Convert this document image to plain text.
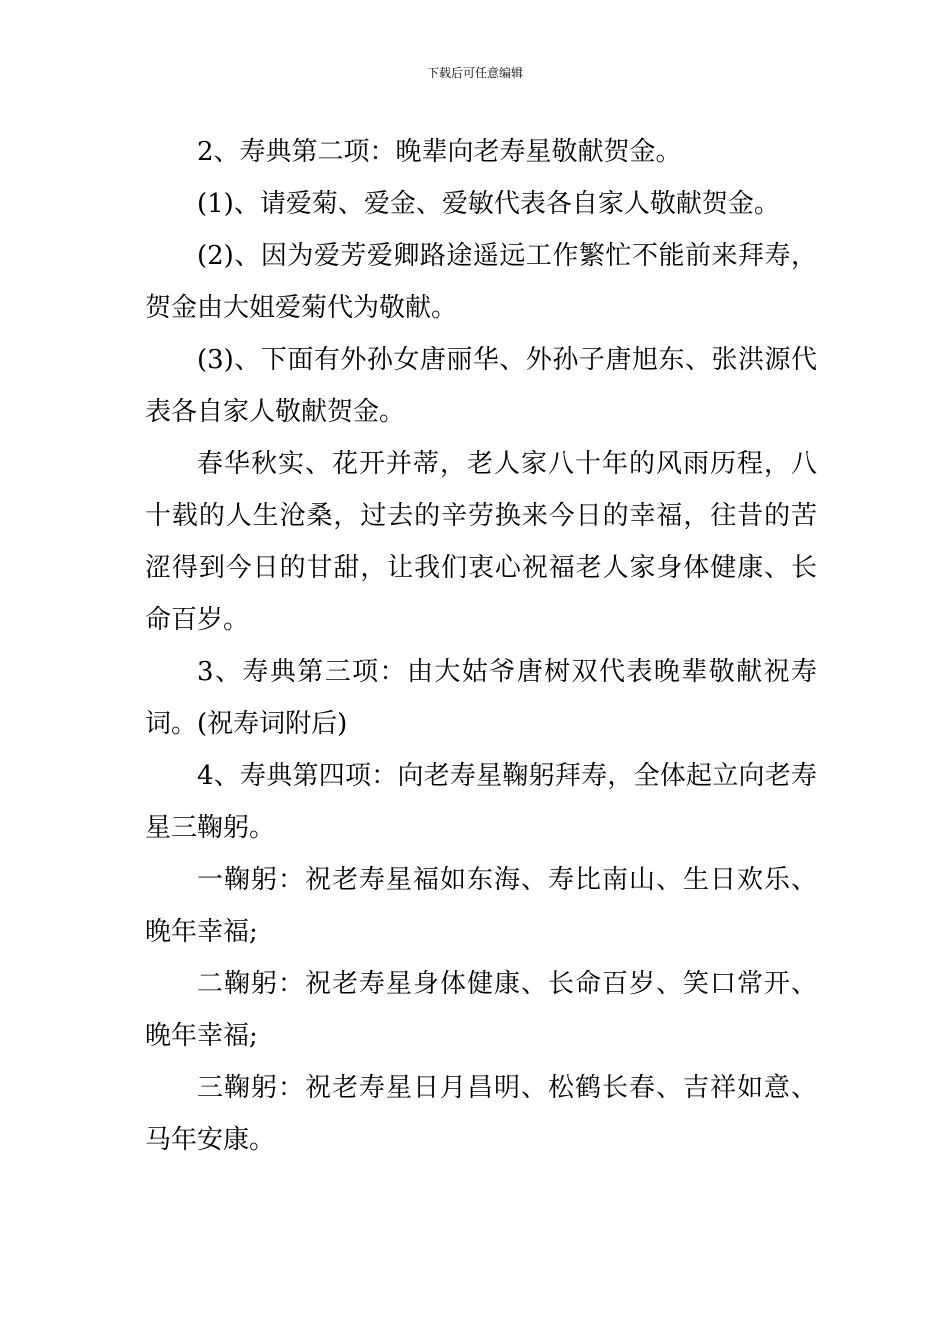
下载后可任意编辑

2、寿典第二项：晚辈向老寿星敬献贺金。

(1)、请爱菊、爱金、爱敏代表各自家人敬献贺金。

(2)、因为爱芳爱卿路途遥远工作繁忙不能前来拜寿，贺金由大姐爱菊代为敬献。

(3)、下面有外孙女唐丽华、外孙子唐旭东、张洪源代表各自家人敬献贺金。

春华秋实、花开并蒂，老人家八十年的风雨历程，八十载的人生沧桑，过去的辛劳换来今日的幸福，往昔的苦涩得到今日的甘甜，让我们衷心祝福老人家身体健康、长命百岁。

3、寿典第三项：由大姑爷唐树双代表晚辈敬献祝寿词。(祝寿词附后)

4、寿典第四项：向老寿星鞠躬拜寿，全体起立向老寿星三鞠躬。

一鞠躬：祝老寿星福如东海、寿比南山、生日欢乐、晚年幸福;

二鞠躬：祝老寿星身体健康、长命百岁、笑口常开、晚年幸福;

三鞠躬：祝老寿星日月昌明、松鹤长春、吉祥如意、马年安康。
